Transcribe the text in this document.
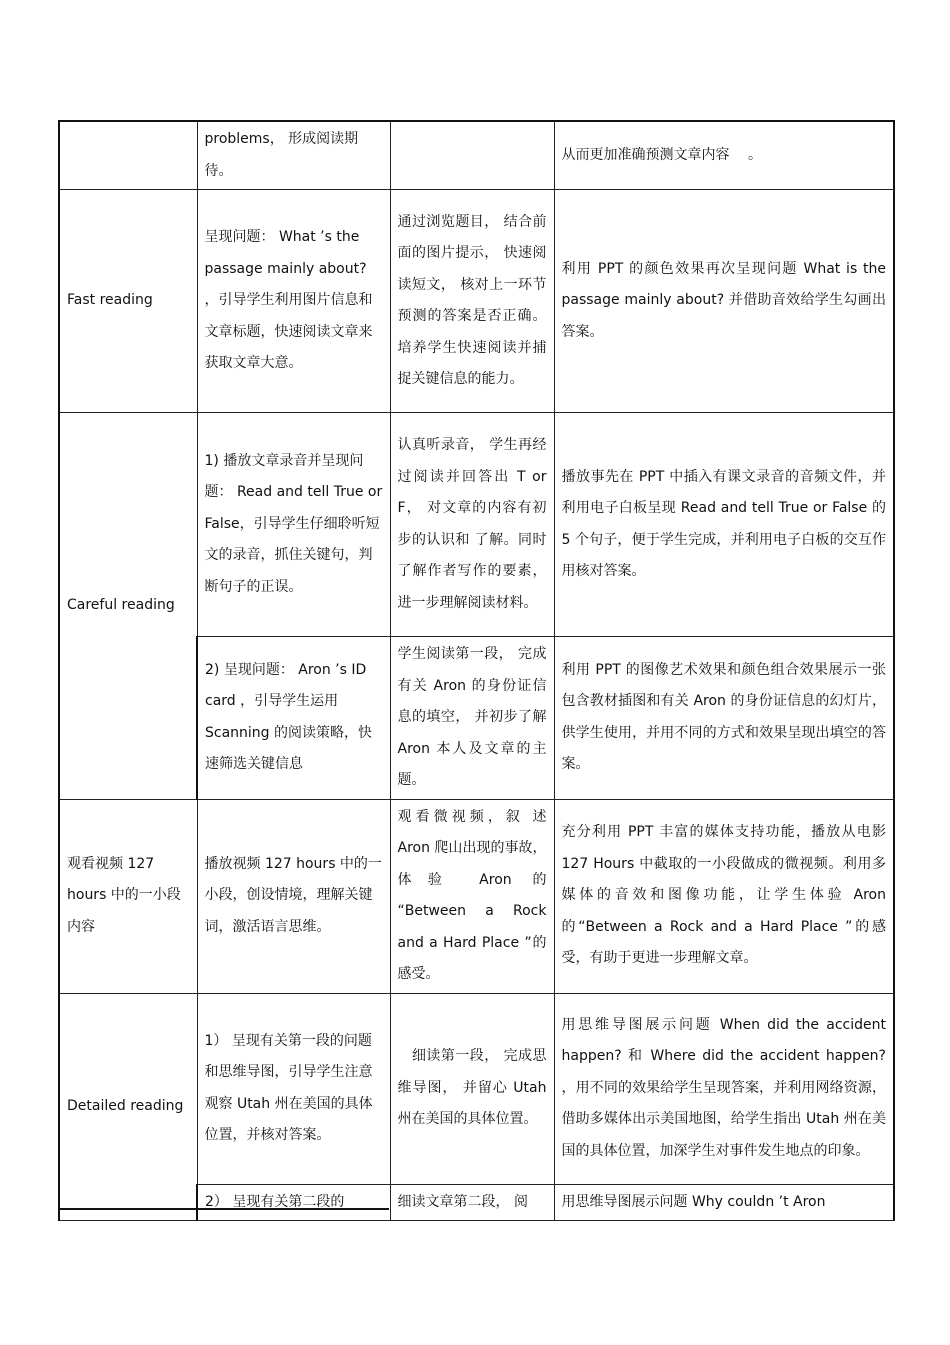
	problems， 形成阅读期待。		从而更加准确预测文章内容　 。
Fast reading	呈现问题： What ’s the passage mainly about? ，引导学生利用图片信息和文章标题，快速阅读文章来获取文章大意。	通过浏览题目， 结合前面的图片提示， 快速阅读短文， 核对上一环节预测的答案是否正确。 培养学生快速阅读并捕捉关键信息的能力。	利用 PPT 的颜色效果再次呈现问题 What is the passage mainly about? 并借助音效给学生勾画出答案。
Careful reading	1) 播放文章录音并呈现问题： Read and tell True or False，引导学生仔细聆听短文的录音，抓住关键句，判断句子的正误。	认真听录音， 学生再经过阅读并回答出 T or F， 对文章的内容有初步的认识和 了解。同时了解作者写作的要素， 进一步理解阅读材料。	播放事先在 PPT 中插入有课文录音的音频文件，并利用电子白板呈现 Read and tell True or False 的 5 个句子，便于学生完成，并利用电子白板的交互作用核对答案。
	2) 呈现问题： Aron ’s ID card ，引导学生运用 Scanning 的阅读策略，快速筛选关键信息	学生阅读第一段， 完成有关 Aron 的身份证信息的填空， 并初步了解 Aron 本人及文章的主题。	利用 PPT 的图像艺术效果和颜色组合效果展示一张包含教材插图和有关 Aron 的身份证信息的幻灯片，供学生使用，并用不同的方式和效果呈现出填空的答案。
观看视频 127 hours 中的一小段内容	播放视频 127 hours 中的一小段，创设情境，理解关键词，激活语言思维。	观看微视频，叙 述 Aron 爬山出现的事故，体验 Aron 的 “Between a Rock and a Hard Place ”的感受。	充分利用 PPT 丰富的媒体支持功能，播放从电影 127 Hours 中截取的一小段做成的微视频。利用多媒体的音效和图像功能，让学生体验 Aron 的“Between a Rock and a Hard Place ”的感受，有助于更进一步理解文章。
Detailed reading	1） 呈现有关第一段的问题和思维导图，引导学生注意观察 Utah 州在美国的具体位置，并核对答案。	　细读第一段， 完成思维导图， 并留心 Utah 州在美国的具体位置。	用思维导图展示问题 When did the accident happen? 和 Where did the accident happen? ，用不同的效果给学生呈现答案，并利用网络资源，借助多媒体出示美国地图，给学生指出 Utah 州在美国的具体位置，加深学生对事件发生地点的印象。
	2） 呈现有关第二段的	细读文章第二段， 阅	用思维导图展示问题 Why couldn ’t Aron
